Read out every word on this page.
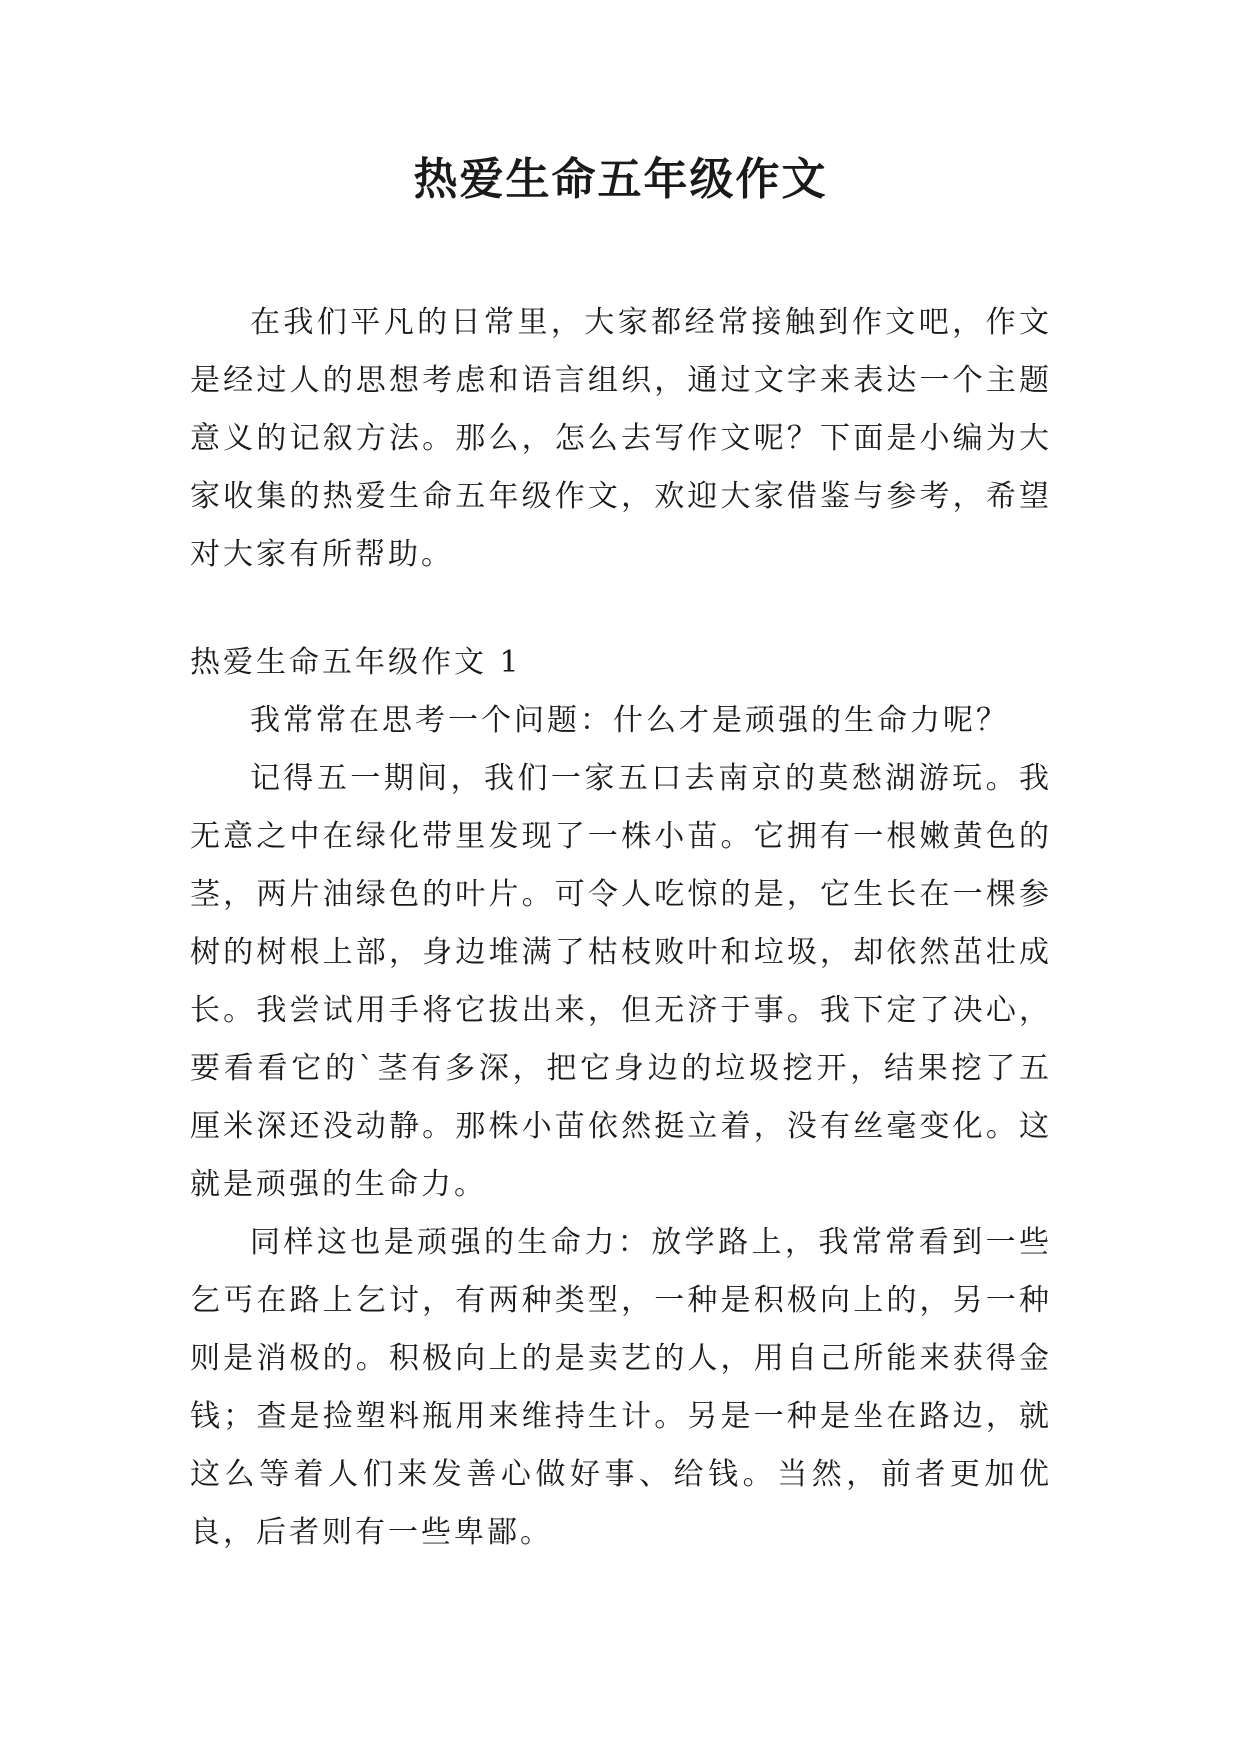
热爱生命五年级作文

在我们平凡的日常里，大家都经常接触到作文吧，作文是经过人的思想考虑和语言组织，通过文字来表达一个主题意义的记叙方法。那么，怎么去写作文呢？下面是小编为大家收集的热爱生命五年级作文，欢迎大家借鉴与参考，希望对大家有所帮助。

热爱生命五年级作文 1

我常常在思考一个问题：什么才是顽强的生命力呢？

记得五一期间，我们一家五口去南京的莫愁湖游玩。我无意之中在绿化带里发现了一株小苗。它拥有一根嫩黄色的茎，两片油绿色的叶片。可令人吃惊的是，它生长在一棵参树的树根上部，身边堆满了枯枝败叶和垃圾，却依然茁壮成长。我尝试用手将它拔出来，但无济于事。我下定了决心，要看看它的`茎有多深，把它身边的垃圾挖开，结果挖了五厘米深还没动静。那株小苗依然挺立着，没有丝毫变化。这就是顽强的生命力。

同样这也是顽强的生命力：放学路上，我常常看到一些乞丐在路上乞讨，有两种类型，一种是积极向上的，另一种则是消极的。积极向上的是卖艺的人，用自己所能来获得金钱；查是捡塑料瓶用来维持生计。另是一种是坐在路边，就这么等着人们来发善心做好事、给钱。当然，前者更加优良，后者则有一些卑鄙。
